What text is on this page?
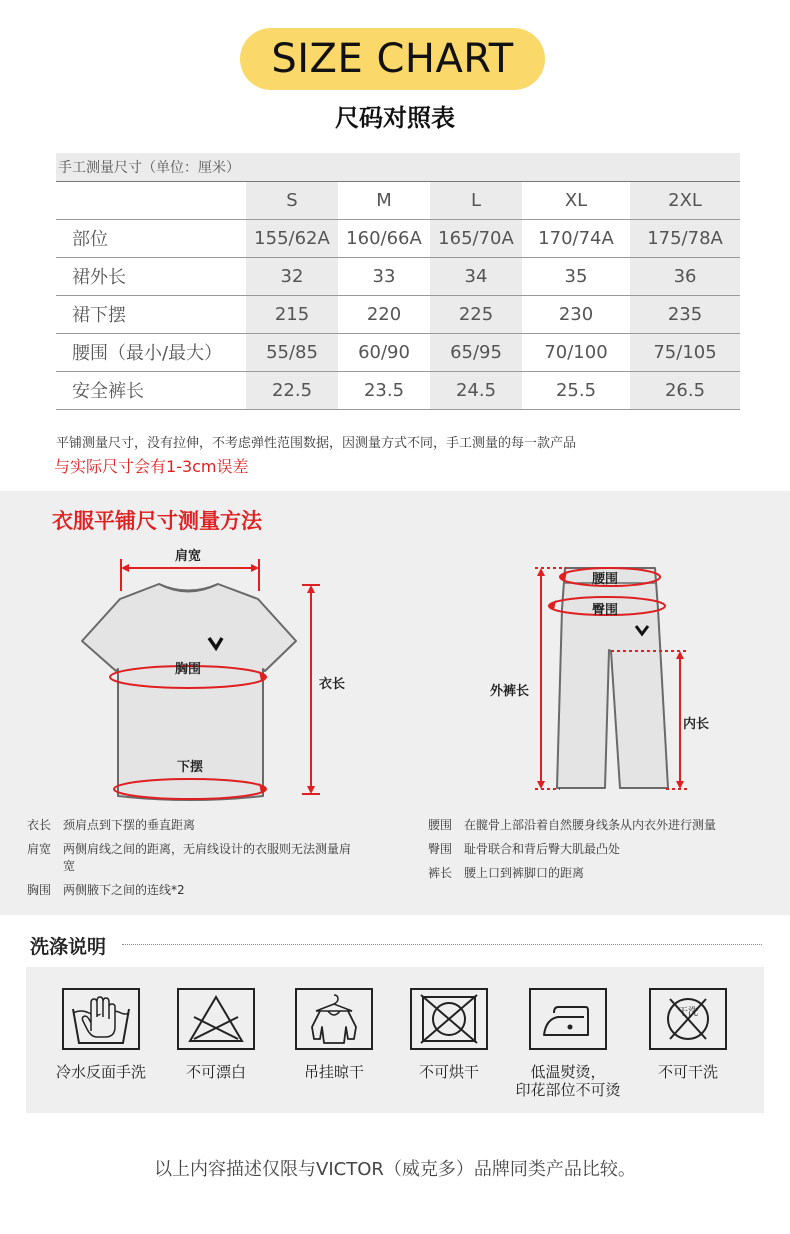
SIZE CHART
尺码对照表
手工测量尺寸（单位：厘米）					
	S	M	L	XL	2XL
部位	155/62A	160/66A	165/70A	170/74A	175/78A
裙外长	32	33	34	35	36
裙下摆	215	220	225	230	235
腰围（最小/最大）	55/85	60/90	65/95	70/100	75/105
安全裤长	22.5	23.5	24.5	25.5	26.5
平铺测量尺寸，没有拉伸，不考虑弹性范围数据，因测量方式不同，手工测量的每一款产品
与实际尺寸会有1-3cm误差
衣服平铺尺寸测量方法
肩宽
胸围
衣长
下摆
腰围
臀围
外裤长
内长
衣长 颈肩点到下摆的垂直距离
肩宽 两侧肩线之间的距离，无肩线设计的衣服则无法测量肩宽
胸围 两侧腋下之间的连线*2
腰围 在髋骨上部沿着自然腰身线条从内衣外进行测量
臀围 耻骨联合和背后臀大肌最凸处
裤长 腰上口到裤脚口的距离
洗涤说明
冷水反面手洗	不可漂白	吊挂晾干	不可烘干	低温熨烫，
印花部位不可烫
干洗
不可干洗
以上内容描述仅限与VICTOR（威克多）品牌同类产品比较。
